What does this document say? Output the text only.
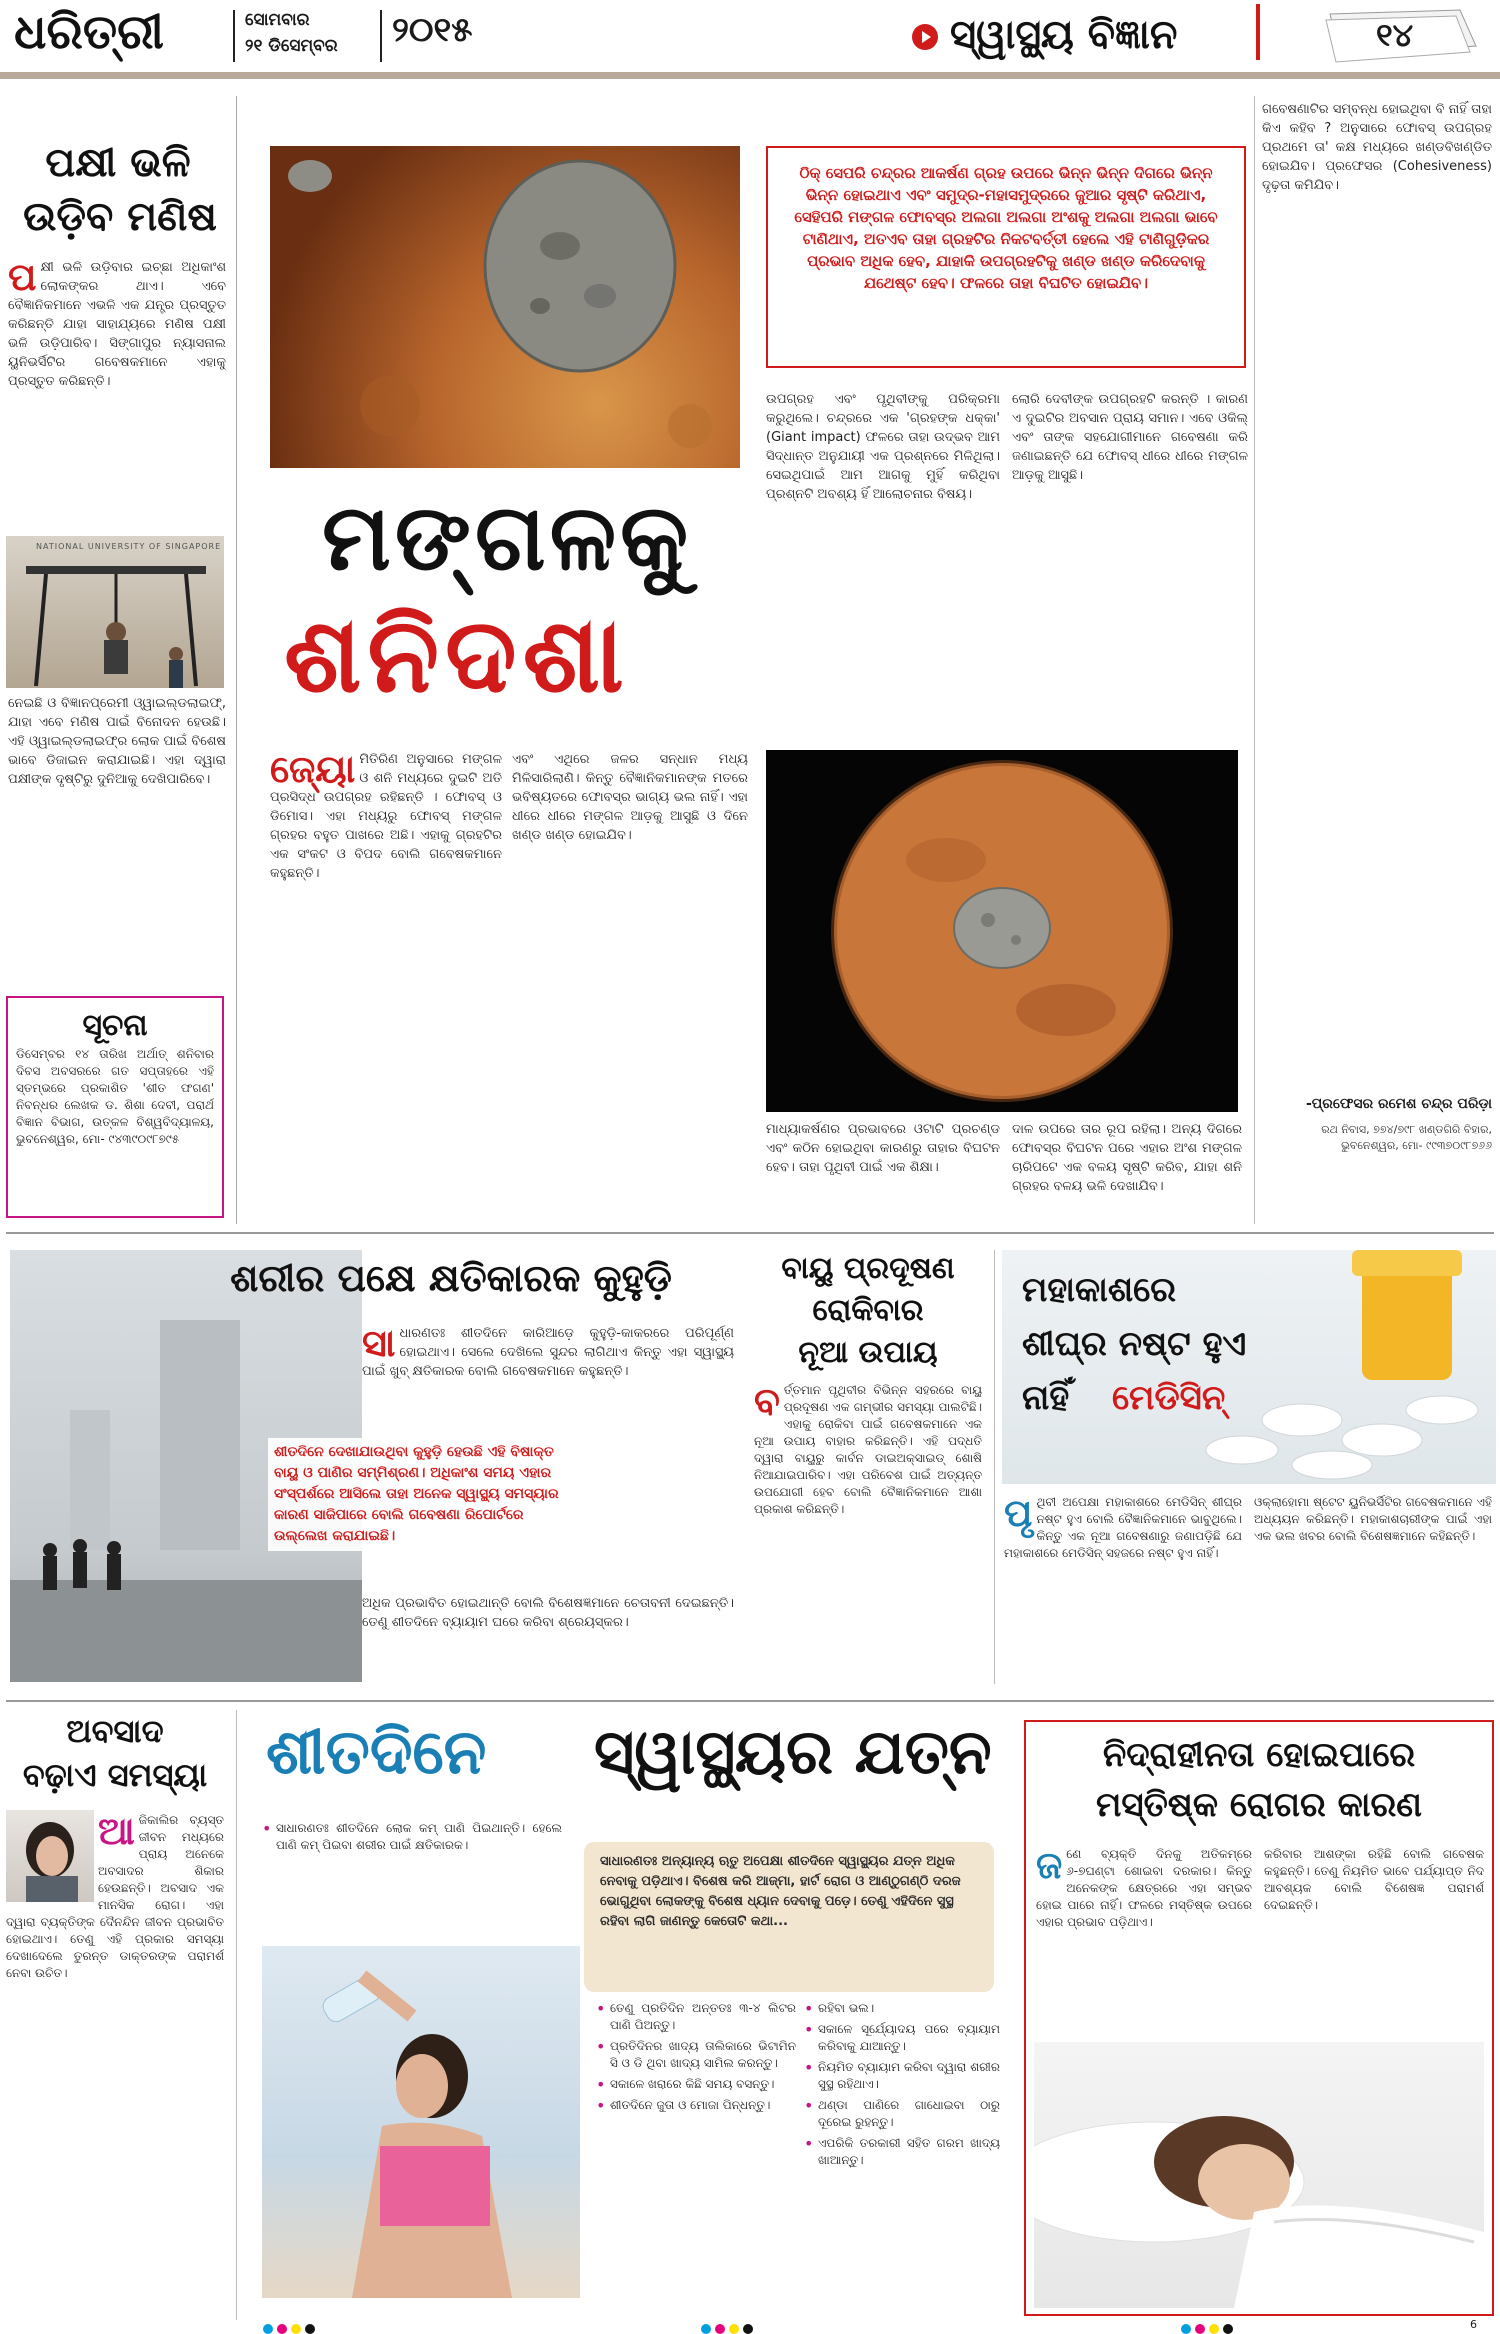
ଧରିତ୍ରୀ	ସୋମବାର
୨୧ ଡିସେମ୍ବର ୨୦୧୫	ସ୍ୱାସ୍ଥ୍ୟ ବିଜ୍ଞାନ	୧୪
ପକ୍ଷୀ ଭଳି
ଉଡ଼ିବ ମଣିଷ
ପକ୍ଷୀ ଭଳି ଉଡ଼ିବାର ଇଚ୍ଛା ଅଧିକାଂଶ ଲୋକଙ୍କର ଥାଏ। ଏବେ ବୈଜ୍ଞାନିକମାନେ ଏଭଳି ଏକ ଯନ୍ତ୍ର ପ୍ରସ୍ତୁତ କରିଛନ୍ତି ଯାହା ସାହାଯ୍ୟରେ ମଣିଷ ପକ୍ଷୀ ଭଳି ଉଡ଼ିପାରିବ। ସିଙ୍ଗାପୁର ନ୍ୟାସନାଲ ୟୁନିଭର୍ସିଟିର ଗବେଷକମାନେ ଏହାକୁ ପ୍ରସ୍ତୁତ କରିଛନ୍ତି।
NATIONAL UNIVERSITY OF SINGAPORE
ନେଇଛି ଓ ବିଜ୍ଞାନପ୍ରେମୀ ଓ୍ୱାଇଲ୍ଡଲାଇଫ୍‌, ଯାହା ଏବେ ମଣିଷ ପାଇଁ ବିନୋଦନ ହେଉଛି। ଏହି ଓ୍ୱାଇଲ୍ଡଲାଇଫ୍‌ର ଲୋକ ପାଇଁ ବିଶେଷ ଭାବେ ଡିଜାଇନ କରାଯାଇଛି। ଏହା ଦ୍ୱାରା ପକ୍ଷୀଙ୍କ ଦୃଷ୍ଟିରୁ ଦୁନିଆକୁ ଦେଖିପାରିବେ।
ସୂଚନା
ଡିସେମ୍ବର ୧୪ ତାରିଖ ଅର୍ଥାତ୍‌ ଶନିବାର ଦିବସ ଅବସରରେ ଗତ ସପ୍ତାହରେ ଏହି ସ୍ତମ୍ଭରେ ପ୍ରକାଶିତ 'ଶୀତ ଫଗଣ' ନିବନ୍ଧର ଲେଖକ ଡ. ଶିଶା ଦେବୀ, ପରାର୍ଥ ବିଜ୍ଞାନ ବିଭାଗ, ଉତ୍କଳ ବିଶ୍ୱବିଦ୍ୟାଳୟ, ଭୁବନେଶ୍ୱର, ମୋ- ୯୪୩୯୦୯୮୭୯୫
ମଙ୍ଗଳକୁ
ଶନିଦଶା
ଠିକ୍‌ ସେପରି ଚନ୍ଦ୍ରର ଆକର୍ଷଣ ଗ୍ରହ ଉପରେ ଭିନ୍ନ ଭିନ୍ନ ଦିଗରେ ଭିନ୍ନ ଭିନ୍ନ ହୋଇଥାଏ ଏବଂ ସମୁଦ୍ର-ମହାସମୁଦ୍ରରେ ଜୁଆର ସୃଷ୍ଟି କରିଥାଏ, ସେହିପରି ମଙ୍ଗଳ ଫୋବସ୍‌ର ଅଲଗା ଅଲଗା ଅଂଶକୁ ଅଲଗା ଅଲଗା ଭାବେ ଟାଣିଥାଏ, ଅତଏବ ତାହା ଗ୍ରହଟିର ନିକଟବର୍ତ୍ତୀ ହେଲେ ଏହି ଟାଣିଗୁଡ଼ିକର ପ୍ରଭାବ ଅଧିକ ହେବ, ଯାହାକି ଉପଗ୍ରହଟିକୁ ଖଣ୍ଡ ଖଣ୍ଡ କରିଦେବାକୁ ଯଥେଷ୍ଟ ହେବ। ଫଳରେ ତାହା ବିଘଟିତ ହୋଇଯିବ।
ଉପଗ୍ରହ ଏବଂ ପୃଥିବୀଙ୍କୁ ପରିକ୍ରମା କରୁଥିଲେ। ଚନ୍ଦ୍ରରେ ଏକ 'ଗ୍ରହଙ୍କ ଧକ୍କା' (Giant impact) ଫଳରେ ତାହା ଉଦ୍ଭବ ଆମ ସିଦ୍ଧାନ୍ତ ଅନୁଯାୟୀ ଏକ ପ୍ରଶ୍ନରେ ମିଳିଥିଲା। ସେଇଥିପାଇଁ ଆମ ଆଗକୁ ମୁହିଁ କରିଥିବା ପ୍ରଶ୍ନଟି ଅବଶ୍ୟ ହିଁ ଆଲୋଚନାର ବିଷୟ।
ଲୋରି ଦେବୀଙ୍କ ଉପଗ୍ରହଟି କରନ୍ତି । କାରଣ ଏ ଦୁଇଟିର ଅବସାନ ପ୍ରାୟ ସମାନ। ଏବେ ଓକିଲ୍‌ ଏବଂ ତାଙ୍କ ସହଯୋଗୀମାନେ ଗବେଷଣା କରି ଜଣାଇଛନ୍ତି ଯେ ଫୋବସ୍‌ ଧୀରେ ଧୀରେ ମଙ୍ଗଳ ଆଡ଼କୁ ଆସୁଛି।
ଗବେଷଣାଟିର ସମ୍ବନ୍ଧ ହୋଇଥିବା ବି ନାହିଁ ତାହା କିଏ କହିବ ? ଅନୁସାରେ ଫୋବସ୍‌ ଉପଗ୍ରହ ପ୍ରଥମେ ତା' କକ୍ଷ ମଧ୍ୟରେ ଖଣ୍ଡବିଖଣ୍ଡିତ ହୋଇଯିବ। ପ୍ରଫେସର (Cohesiveness) ଦୃଢ଼ତା କମିଯିବ।
ଜ୍ୟୋ ମିତିରିଣ ଅନୁସାରେ ମଙ୍ଗଳ ଓ ଶନି ମଧ୍ୟରେ ଦୁଇଟି ଅତି ପ୍ରସିଦ୍ଧ ଉପଗ୍ରହ ରହିଛନ୍ତି । ଫୋବସ୍‌ ଓ ଡିମୋସ। ଏହା ମଧ୍ୟରୁ ଫୋବସ୍‌ ମଙ୍ଗଳ ଗ୍ରହର ବହୁତ ପାଖରେ ଅଛି। ଏହାକୁ ଗ୍ରହଟିର ଏକ ସଂକଟ ଓ ବିପଦ ବୋଲି ଗବେଷକମାନେ କହୁଛନ୍ତି।
ଏବଂ ଏଥିରେ ଜଳର ସନ୍ଧାନ ମଧ୍ୟ ମିଳିସାରିଲାଣି। କିନ୍ତୁ ବୈଜ୍ଞାନିକମାନଙ୍କ ମତରେ ଭବିଷ୍ୟତରେ ଫୋବସ୍‌ର ଭାଗ୍ୟ ଭଲ ନାହିଁ। ଏହା ଧୀରେ ଧୀରେ ମଙ୍ଗଳ ଆଡ଼କୁ ଆସୁଛି ଓ ଦିନେ ଖଣ୍ଡ ଖଣ୍ଡ ହୋଇଯିବ।
ମାଧ୍ୟାକର୍ଷଣର ପ୍ରଭାବରେ ଓଟାଟି ପ୍ରଚଣ୍ଡ ଏବଂ କଠିନ ହୋଇଥିବା କାରଣରୁ ତାହାର ବିଘଟନ ହେବ। ତାହା ପୃଥିବୀ ପାଇଁ ଏକ ଶିକ୍ଷା।
ଦାଳ ଉପରେ ତାର ରୂପ ରହିଲା। ଅନ୍ୟ ଦିଗରେ ଫୋବସ୍‌ର ବିଘଟନ ପରେ ଏହାର ଅଂଶ ମଙ୍ଗଳ ଚାରିପଟେ ଏକ ବଳୟ ସୃଷ୍ଟି କରିବ, ଯାହା ଶନି ଗ୍ରହର ବଳୟ ଭଳି ଦେଖାଯିବ।
-ପ୍ରଫେସର ରମେଶ ଚନ୍ଦ୍ର ପରିଡ଼ା
ରଥ ନିବାସ, ୭୭୪/୭୯୮ ଖଣ୍ଡଗିରି ବିହାର, ଭୁବନେଶ୍ୱର, ମୋ- ୯୯୩୭୦୯୮୭୬୬
ଶରୀର ପକ୍ଷେ କ୍ଷତିକାରକ କୁହୁଡ଼ି
ସାଧାରଣତଃ ଶୀତଦିନେ କାରିଆଡ଼େ କୁହୁଡ଼ି-କାକରରେ ପରିପୂର୍ଣ୍ଣ ହୋଇଥାଏ। ସେଲେ ଦେଖିଲେ ସୁନ୍ଦର ଲାଗିଥାଏ କିନ୍ତୁ ଏହା ସ୍ୱାସ୍ଥ୍ୟ ପାଇଁ ଖୁବ୍‌ କ୍ଷତିକାରକ ବୋଲି ଗବେଷକମାନେ କହୁଛନ୍ତି।
ଶୀତଦିନେ ଦେଖାଯାଉଥିବା କୁହୁଡ଼ି ହେଉଛି ଏହି ବିଷାକ୍ତ ବାୟୁ ଓ ପାଣିର ସମ୍ମିଶ୍ରଣ। ଅଧିକାଂଶ ସମୟ ଏହାର ସଂସ୍ପର୍ଶରେ ଆସିଲେ ତାହା ଅନେକ ସ୍ୱାସ୍ଥ୍ୟ ସମସ୍ୟାର କାରଣ ସାଜିପାରେ ବୋଲି ଗବେଷଣା ରିପୋର୍ଟରେ ଉଲ୍ଲେଖ କରାଯାଇଛି।
ଅଧିକ ପ୍ରଭାବିତ ହୋଇଥାନ୍ତି ବୋଲି ବିଶେଷଜ୍ଞମାନେ ଚେତାବନୀ ଦେଇଛନ୍ତି। ତେଣୁ ଶୀତଦିନେ ବ୍ୟାୟାମ ଘରେ କରିବା ଶ୍ରେୟସ୍କର।
ବାୟୁ ପ୍ରଦୂଷଣ
ରୋକିବାର
ନୂଆ ଉପାୟ
ବର୍ତ୍ତମାନ ପୃଥିବୀର ବିଭିନ୍ନ ସହରରେ ବାୟୁ ପ୍ରଦୂଷଣ ଏକ ଗମ୍ଭୀର ସମସ୍ୟା ପାଲଟିଛି। ଏହାକୁ ରୋକିବା ପାଇଁ ଗବେଷକମାନେ ଏକ ନୂଆ ଉପାୟ ବାହାର କରିଛନ୍ତି। ଏହି ପଦ୍ଧତି ଦ୍ୱାରା ବାୟୁରୁ କାର୍ବନ ଡାଇଅକ୍ସାଇଡ୍‌ ଶୋଷି ନିଆଯାଇପାରିବ। ଏହା ପରିବେଶ ପାଇଁ ଅତ୍ୟନ୍ତ ଉପଯୋଗୀ ହେବ ବୋଲି ବୈଜ୍ଞାନିକମାନେ ଆଶା ପ୍ରକାଶ କରିଛନ୍ତି।
ମହାକାଶରେ
ଶୀଘ୍ର ନଷ୍ଟ ହୁଏ
ନାହିଁ ମେଡିସିନ୍‌
ପୃଥିବୀ ଅପେକ୍ଷା ମହାକାଶରେ ମେଡିସିନ୍‌ ଶୀଘ୍ର ନଷ୍ଟ ହୁଏ ବୋଲି ବୈଜ୍ଞାନିକମାନେ ଭାବୁଥିଲେ। କିନ୍ତୁ ଏକ ନୂଆ ଗବେଷଣାରୁ ଜଣାପଡ଼ିଛି ଯେ ମହାକାଶରେ ମେଡିସିନ୍‌ ସହଜରେ ନଷ୍ଟ ହୁଏ ନାହିଁ।
ଓକ୍ଲାହୋମା ଷ୍ଟେଟ ୟୁନିଭର୍ସିଟିର ଗବେଷକମାନେ ଏହି ଅଧ୍ୟୟନ କରିଛନ୍ତି। ମହାକାଶଚାରୀଙ୍କ ପାଇଁ ଏହା ଏକ ଭଲ ଖବର ବୋଲି ବିଶେଷଜ୍ଞମାନେ କହିଛନ୍ତି।
ଅବସାଦ
ବଢ଼ାଏ ସମସ୍ୟା
ଆଜିକାଲିର ବ୍ୟସ୍ତ ଜୀବନ ମଧ୍ୟରେ ପ୍ରାୟ ଅନେକେ ଅବସାଦର ଶିକାର ହେଉଛନ୍ତି। ଅବସାଦ ଏକ ମାନସିକ ରୋଗ। ଏହା ଦ୍ୱାରା ବ୍ୟକ୍ତିଙ୍କ ଦୈନନ୍ଦିନ ଜୀବନ ପ୍ରଭାବିତ ହୋଇଥାଏ। ତେଣୁ ଏହି ପ୍ରକାର ସମସ୍ୟା ଦେଖାଦେଲେ ତୁରନ୍ତ ଡାକ୍ତରଙ୍କ ପରାମର୍ଶ ନେବା ଉଚିତ।
ଶୀତଦିନେ ସ୍ୱାସ୍ଥ୍ୟର ଯତ୍ନ
• ସାଧାରଣତଃ ଶୀତଦିନେ ଲୋକ କମ୍‌ ପାଣି ପିଇଥାନ୍ତି। ହେଲେ ପାଣି କମ୍‌ ପିଇବା ଶରୀର ପାଇଁ କ୍ଷତିକାରକ।
ସାଧାରଣତଃ ଅନ୍ୟାନ୍ୟ ଋତୁ ଅପେକ୍ଷା ଶୀତଦିନେ ସ୍ୱାସ୍ଥ୍ୟର ଯତ୍ନ ଅଧିକ ନେବାକୁ ପଡ଼ିଥାଏ। ବିଶେଷ କରି ଆଜ୍ମା, ହାର୍ଟ ରୋଗ ଓ ଆଣ୍ଠୁଗଣ୍ଠି ଦରଜ ଭୋଗୁଥିବା ଲୋକଙ୍କୁ ବିଶେଷ ଧ୍ୟାନ ଦେବାକୁ ପଡ଼େ। ତେଣୁ ଏହିଦିନେ ସୁସ୍ଥ ରହିବା ଲାଗି ଜାଣନ୍ତୁ କେତୋଟି କଥା...
• ତେଣୁ ପ୍ରତିଦିନ ଅନ୍ତତଃ ୩-୪ ଲିଟର ପାଣି ପିଅନ୍ତୁ।
• ପ୍ରତିଦିନର ଖାଦ୍ୟ ତାଲିକାରେ ଭିଟାମିନ ସି ଓ ଡି ଥିବା ଖାଦ୍ୟ ସାମିଲ କରନ୍ତୁ।
• ସକାଳେ ଖରାରେ କିଛି ସମୟ ବସନ୍ତୁ।
• ଶୀତଦିନେ ଜୁତା ଓ ମୋଜା ପିନ୍ଧନ୍ତୁ।
• ରହିବା ଭଲ।
• ସକାଳେ ସୂର୍ଯ୍ୟୋଦୟ ପରେ ବ୍ୟାୟାମ କରିବାକୁ ଯାଆନ୍ତୁ।
• ନିୟମିତ ବ୍ୟାୟାମ କରିବା ଦ୍ୱାରା ଶରୀର ସୁସ୍ଥ ରହିଥାଏ।
• ଥଣ୍ଡା ପାଣିରେ ଗାଧୋଇବା ଠାରୁ ଦୂରେଇ ରୁହନ୍ତୁ।
• ଏପରିକି ତରକାରୀ ସହିତ ଗରମ ଖାଦ୍ୟ ଖାଆନ୍ତୁ।
ନିଦ୍ରାହୀନତା ହୋଇପାରେ
ମସ୍ତିଷ୍କ ରୋଗର କାରଣ
ଜଣେ ବ୍ୟକ୍ତି ଦିନକୁ ଅତିକମ୍‌ରେ ୬-୭ଘଣ୍ଟା ଶୋଇବା ଦରକାର। କିନ୍ତୁ ଅନେକଙ୍କ କ୍ଷେତ୍ରରେ ଏହା ସମ୍ଭବ ହୋଇ ପାରେ ନାହିଁ। ଫଳରେ ମସ୍ତିଷ୍କ ଉପରେ ଏହାର ପ୍ରଭାବ ପଡ଼ିଥାଏ।
କରିବାର ଆଶଙ୍କା ରହିଛି ବୋଲି ଗବେଷକ କହୁଛନ୍ତି। ତେଣୁ ନିୟମିତ ଭାବେ ପର୍ଯ୍ୟାପ୍ତ ନିଦ ଆବଶ୍ୟକ ବୋଲି ବିଶେଷଜ୍ଞ ପରାମର୍ଶ ଦେଇଛନ୍ତି।
6
